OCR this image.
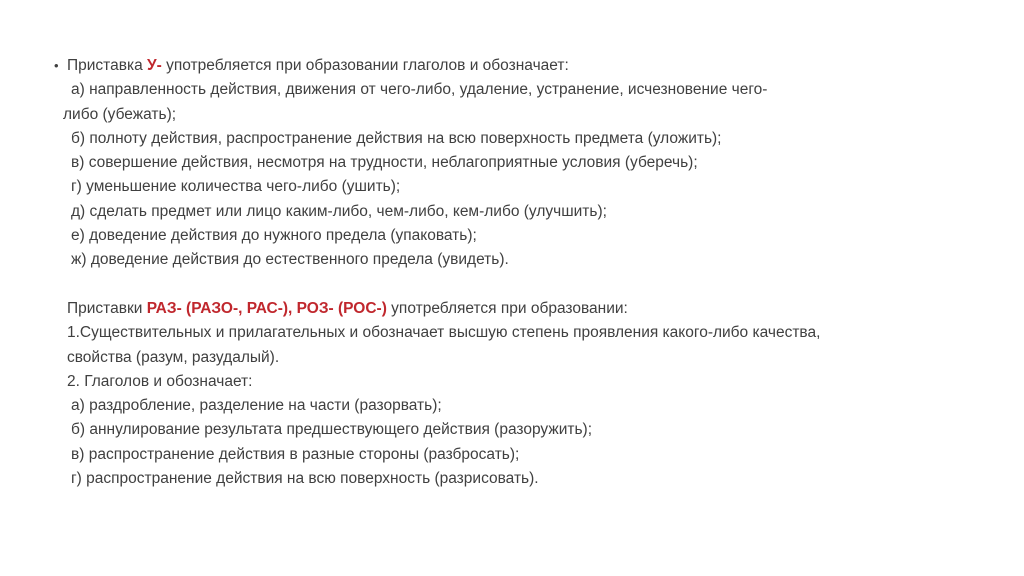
• Приставка У- употребляется при образовании глаголов и обозначает:
а) направленность действия, движения от чего-либо, удаление, устранение, исчезновение чего-
либо (убежать);
б) полноту действия, распространение действия на всю поверхность предмета (уложить);
в) совершение действия, несмотря на трудности, неблагоприятные условия (уберечь);
г) уменьшение количества чего-либо (ушить);
д) сделать предмет или лицо каким-либо, чем-либо, кем-либо (улучшить);
е) доведение действия до нужного предела (упаковать);
ж) доведение действия до естественного предела (увидеть).
Приставки РАЗ- (РАЗО-, РАС-), РОЗ- (РОС-) употребляется при образовании:
1.Существительных и прилагательных и обозначает высшую степень проявления какого-либо качества,
свойства (разум, разудалый).
2. Глаголов и обозначает:
а) раздробление, разделение на части (разорвать);
б) аннулирование результата предшествующего действия (разоружить);
в) распространение действия в разные стороны (разбросать);
г) распространение действия на всю поверхность (разрисовать).
